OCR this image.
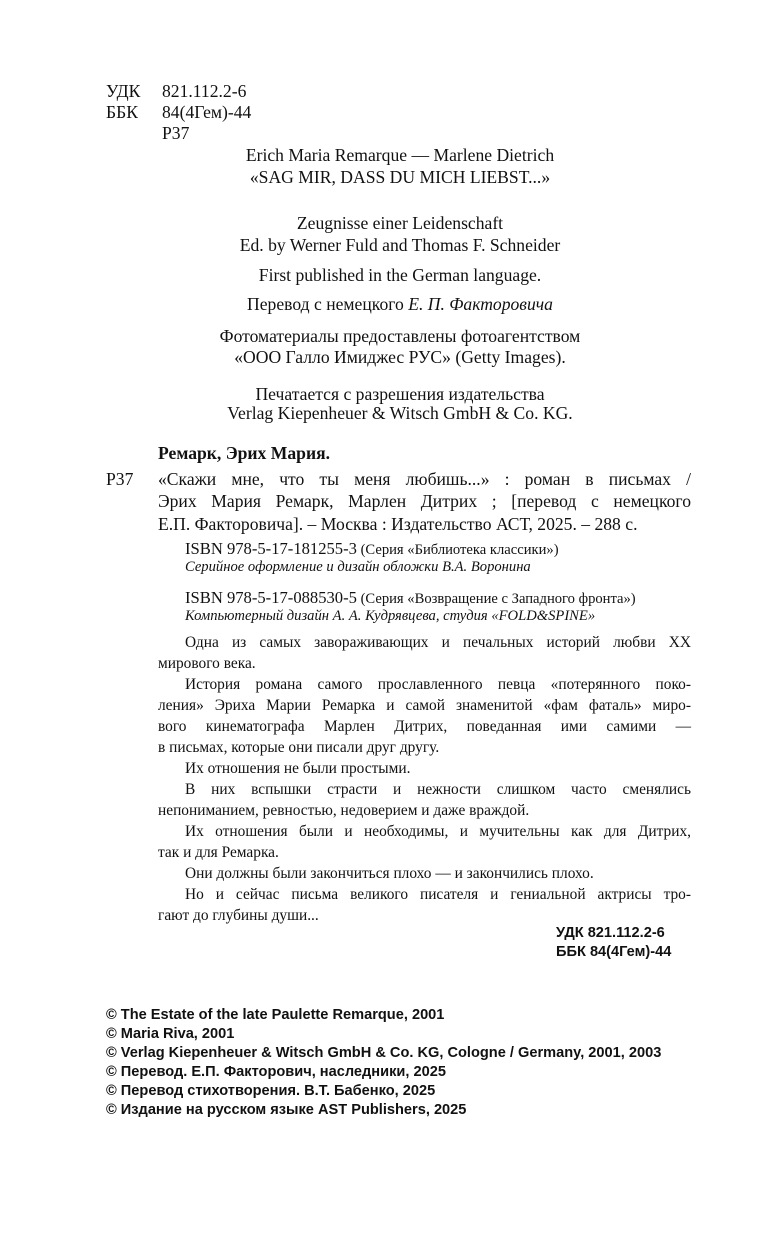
УДК 821.112.2-6
ББК 84(4Гем)-44
Р37
Erich Maria Remarque — Marlene Dietrich
«SAG MIR, DASS DU MICH LIEBST...»
Zeugnisse einer Leidenschaft
Ed. by Werner Fuld and Thomas F. Schneider
First published in the German language.
Перевод с немецкого Е. П. Факторовича
Фотоматериалы предоставлены фотоагентством
«ООО Галло Имиджес РУС» (Getty Images).
Печатается с разрешения издательства
Verlag Kiepenheuer & Witsch GmbH & Co. KG.
Ремарк, Эрих Мария.
Р37 «Скажи мне, что ты меня любишь...» : роман в письмах /
Эрих Мария Ремарк, Марлен Дитрих ; [перевод с немецкого
Е.П. Факторовича]. – Москва : Издательство АСТ, 2025. – 288 с.
ISBN 978-5-17-181255-3 (Серия «Библиотека классики»)
Серийное оформление и дизайн обложки В.А. Воронина
ISBN 978-5-17-088530-5 (Серия «Возвращение с Западного фронта»)
Компьютерный дизайн А. А. Кудрявцева, студия «FOLD&SPINE»
Одна из самых завораживающих и печальных историй любви XX
мирового века.
История романа самого прославленного певца «потерянного поко-
ления» Эриха Марии Ремарка и самой знаменитой «фам фаталь» миро-
вого кинематографа Марлен Дитрих, поведанная ими самими —
в письмах, которые они писали друг другу.
Их отношения не были простыми.
В них вспышки страсти и нежности слишком часто сменялись
непониманием, ревностью, недоверием и даже враждой.
Их отношения были и необходимы, и мучительны как для Дитрих,
так и для Ремарка.
Они должны были закончиться плохо — и закончились плохо.
Но и сейчас письма великого писателя и гениальной актрисы тро-
гают до глубины души...
УДК 821.112.2-6
ББК 84(4Гем)-44
© The Estate of the late Paulette Remarque, 2001
© Maria Riva, 2001
© Verlag Kiepenheuer & Witsch GmbH & Co. KG, Cologne / Germany, 2001, 2003
© Перевод. Е.П. Факторович, наследники, 2025
© Перевод стихотворения. В.Т. Бабенко, 2025
© Издание на русском языке AST Publishers, 2025
